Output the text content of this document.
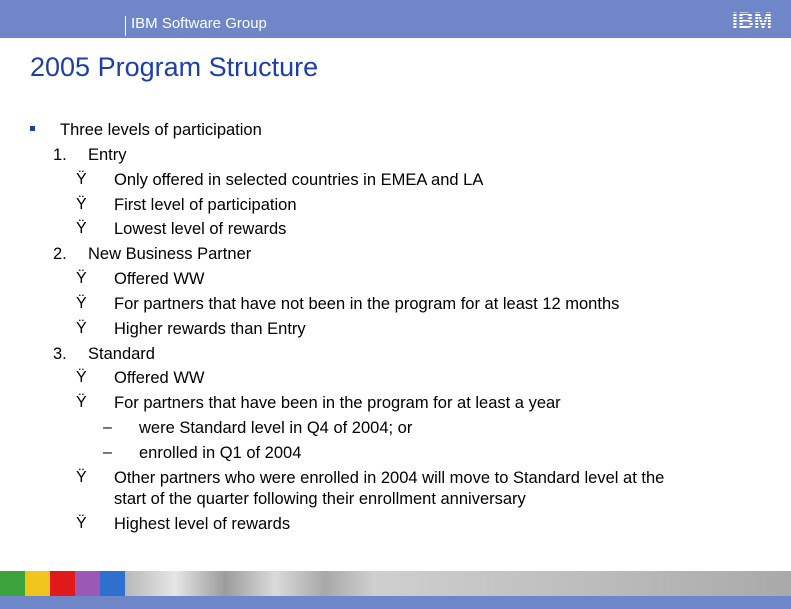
IBM Software Group	IBM
2005 Program Structure
Three levels of participation
1. Entry
Ÿ Only offered in selected countries in EMEA and LA
Ÿ First level of participation
Ÿ Lowest level of rewards
2. New Business Partner
Ÿ Offered WW
Ÿ For partners that have not been in the program for at least 12 months
Ÿ Higher rewards than Entry
3. Standard
Ÿ Offered WW
Ÿ For partners that have been in the program for at least a year
– were Standard level in Q4 of 2004; or
– enrolled in Q1 of 2004
Ÿ Other partners who were enrolled in 2004 will move to Standard level at the
start of the quarter following their enrollment anniversary
Ÿ Highest level of rewards
